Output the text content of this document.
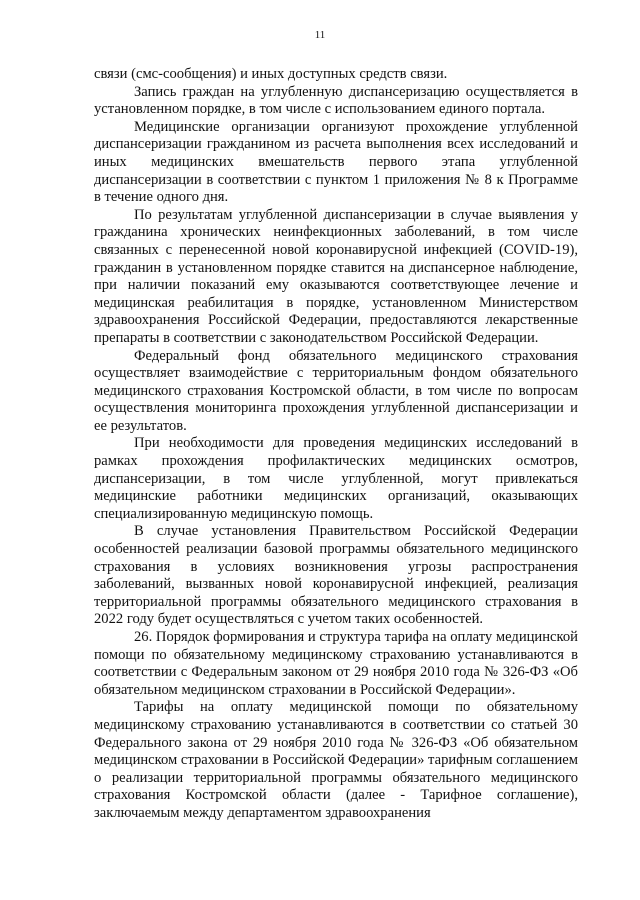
11

связи (смс-сообщения) и иных доступных средств связи.

Запись граждан на углубленную диспансеризацию осуществляется в установленном порядке, в том числе с использованием единого портала.

Медицинские организации организуют прохождение углубленной диспансеризации гражданином из расчета выполнения всех исследований и иных медицинских вмешательств первого этапа углубленной диспансеризации в соответствии с пунктом 1 приложения № 8 к Программе в течение одного дня.

По результатам углубленной диспансеризации в случае выявления у гражданина хронических неинфекционных заболеваний, в том числе связанных с перенесенной новой коронавирусной инфекцией (COVID-19), гражданин в установленном порядке ставится на диспансерное наблюдение, при наличии показаний ему оказываются соответствующее лечение и медицинская реабилитация в порядке, установленном Министерством здравоохранения Российской Федерации, предоставляются лекарственные препараты в соответствии с законодательством Российской Федерации.

Федеральный фонд обязательного медицинского страхования осуществляет взаимодействие с территориальным фондом обязательного медицинского страхования Костромской области, в том числе по вопросам осуществления мониторинга прохождения углубленной диспансеризации и ее результатов.

При необходимости для проведения медицинских исследований в рамках прохождения профилактических медицинских осмотров, диспансеризации, в том числе углубленной, могут привлекаться медицинские работники медицинских организаций, оказывающих специализированную медицинскую помощь.

В случае установления Правительством Российской Федерации особенностей реализации базовой программы обязательного медицинского страхования в условиях возникновения угрозы распространения заболеваний, вызванных новой коронавирусной инфекцией, реализация территориальной программы обязательного медицинского страхования в 2022 году будет осуществляться с учетом таких особенностей.

26. Порядок формирования и структура тарифа на оплату медицинской помощи по обязательному медицинскому страхованию устанавливаются в соответствии с Федеральным законом от 29 ноября 2010 года № 326-ФЗ «Об обязательном медицинском страховании в Российской Федерации».

Тарифы на оплату медицинской помощи по обязательному медицинскому страхованию устанавливаются в соответствии со статьей 30 Федерального закона от 29 ноября 2010 года № 326-ФЗ «Об обязательном медицинском страховании в Российской Федерации» тарифным соглашением о реализации территориальной программы обязательного медицинского страхования Костромской области (далее - Тарифное соглашение), заключаемым между департаментом здравоохранения
